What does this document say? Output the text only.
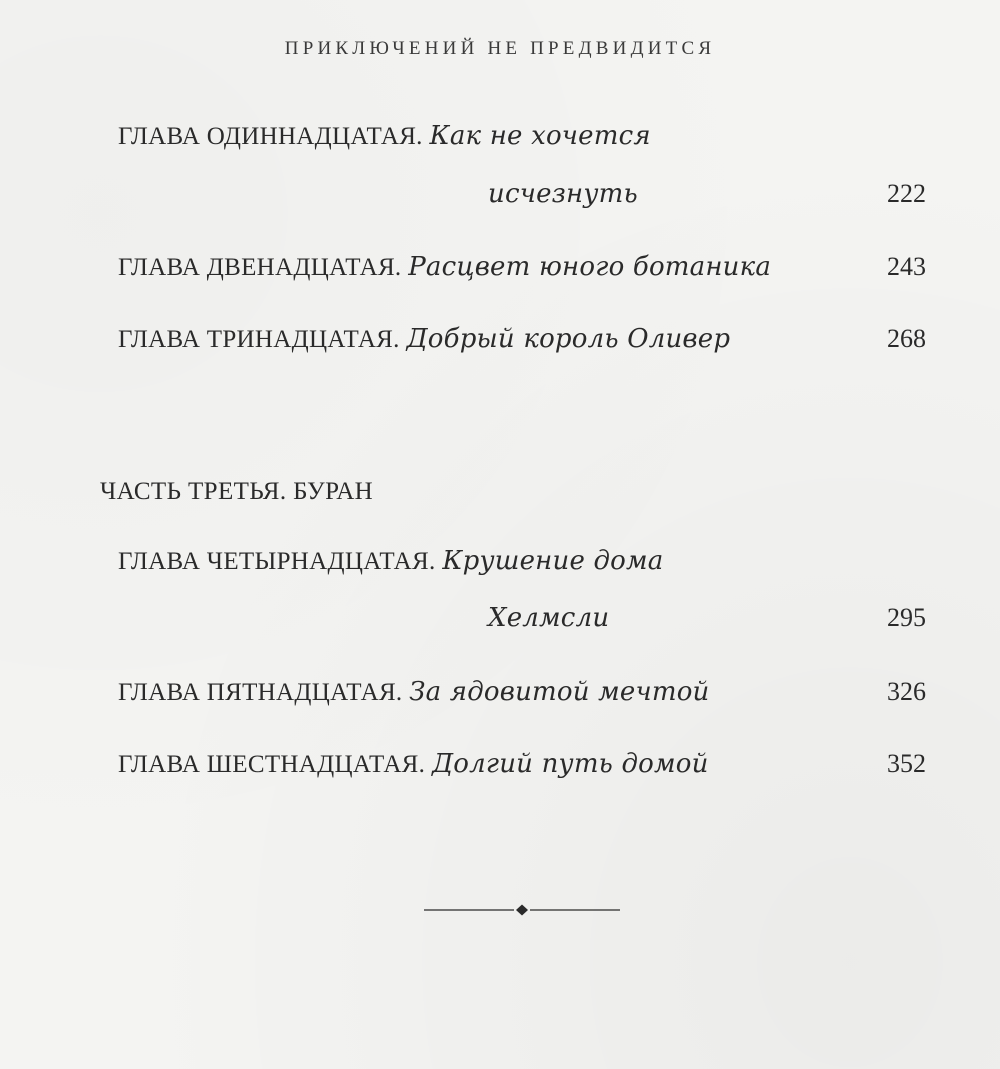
ПРИКЛЮЧЕНИЙ НЕ ПРЕДВИДИТСЯ
ГЛАВА ОДИННАДЦАТАЯ. Как не хочется
исчезнуть	222
ГЛАВА ДВЕНАДЦАТАЯ. Расцвет юного ботаника	243
ГЛАВА ТРИНАДЦАТАЯ. Добрый король Оливер	268
ЧАСТЬ ТРЕТЬЯ. БУРАН
ГЛАВА ЧЕТЫРНАДЦАТАЯ. Крушение дома
Хелмсли	295
ГЛАВА ПЯТНАДЦАТАЯ. За ядовитой мечтой	326
ГЛАВА ШЕСТНАДЦАТАЯ. Долгий путь домой	352
